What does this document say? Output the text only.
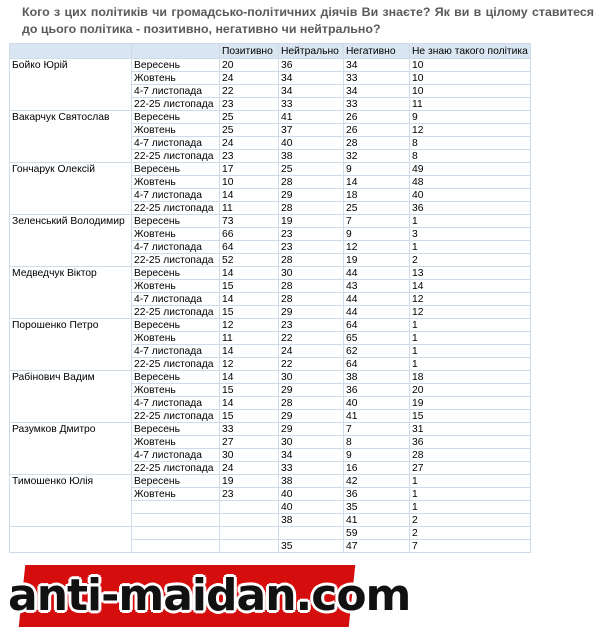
Кого з цих політиків чи громадсько-політичних діячів Ви знаєте? Як ви в цілому ставитеся до цього політика - позитивно, негативно чи нейтрально?
		Позитивно	Нейтрально	Негативно	Не знаю такого політика
Бойко Юрій	Вересень	20	36	34	10
	Жовтень	24	34	33	10
	4-7 листопада	22	34	34	10
	22-25 листопада	23	33	33	11
Вакарчук Святослав	Вересень	25	41	26	9
	Жовтень	25	37	26	12
	4-7 листопада	24	40	28	8
	22-25 листопада	23	38	32	8
Гончарук Олексій	Вересень	17	25	9	49
	Жовтень	10	28	14	48
	4-7 листопада	14	29	18	40
	22-25 листопада	11	28	25	36
Зеленський Володимир	Вересень	73	19	7	1
	Жовтень	66	23	9	3
	4-7 листопада	64	23	12	1
	22-25 листопада	52	28	19	2
Медведчук Віктор	Вересень	14	30	44	13
	Жовтень	15	28	43	14
	4-7 листопада	14	28	44	12
	22-25 листопада	15	29	44	12
Порошенко Петро	Вересень	12	23	64	1
	Жовтень	11	22	65	1
	4-7 листопада	14	24	62	1
	22-25 листопада	12	22	64	1
Рабінович Вадим	Вересень	14	30	38	18
	Жовтень	15	29	36	20
	4-7 листопада	14	28	40	19
	22-25 листопада	15	29	41	15
Разумков Дмитро	Вересень	33	29	7	31
	Жовтень	27	30	8	36
	4-7 листопада	30	34	9	28
	22-25 листопада	24	33	16	27
Тимошенко Юлія	Вересень	19	38	42	1
	Жовтень	23	40	36	1
			40	35	1
			38	41	2
				59	2
			35	47	7
anti-maidan.com
